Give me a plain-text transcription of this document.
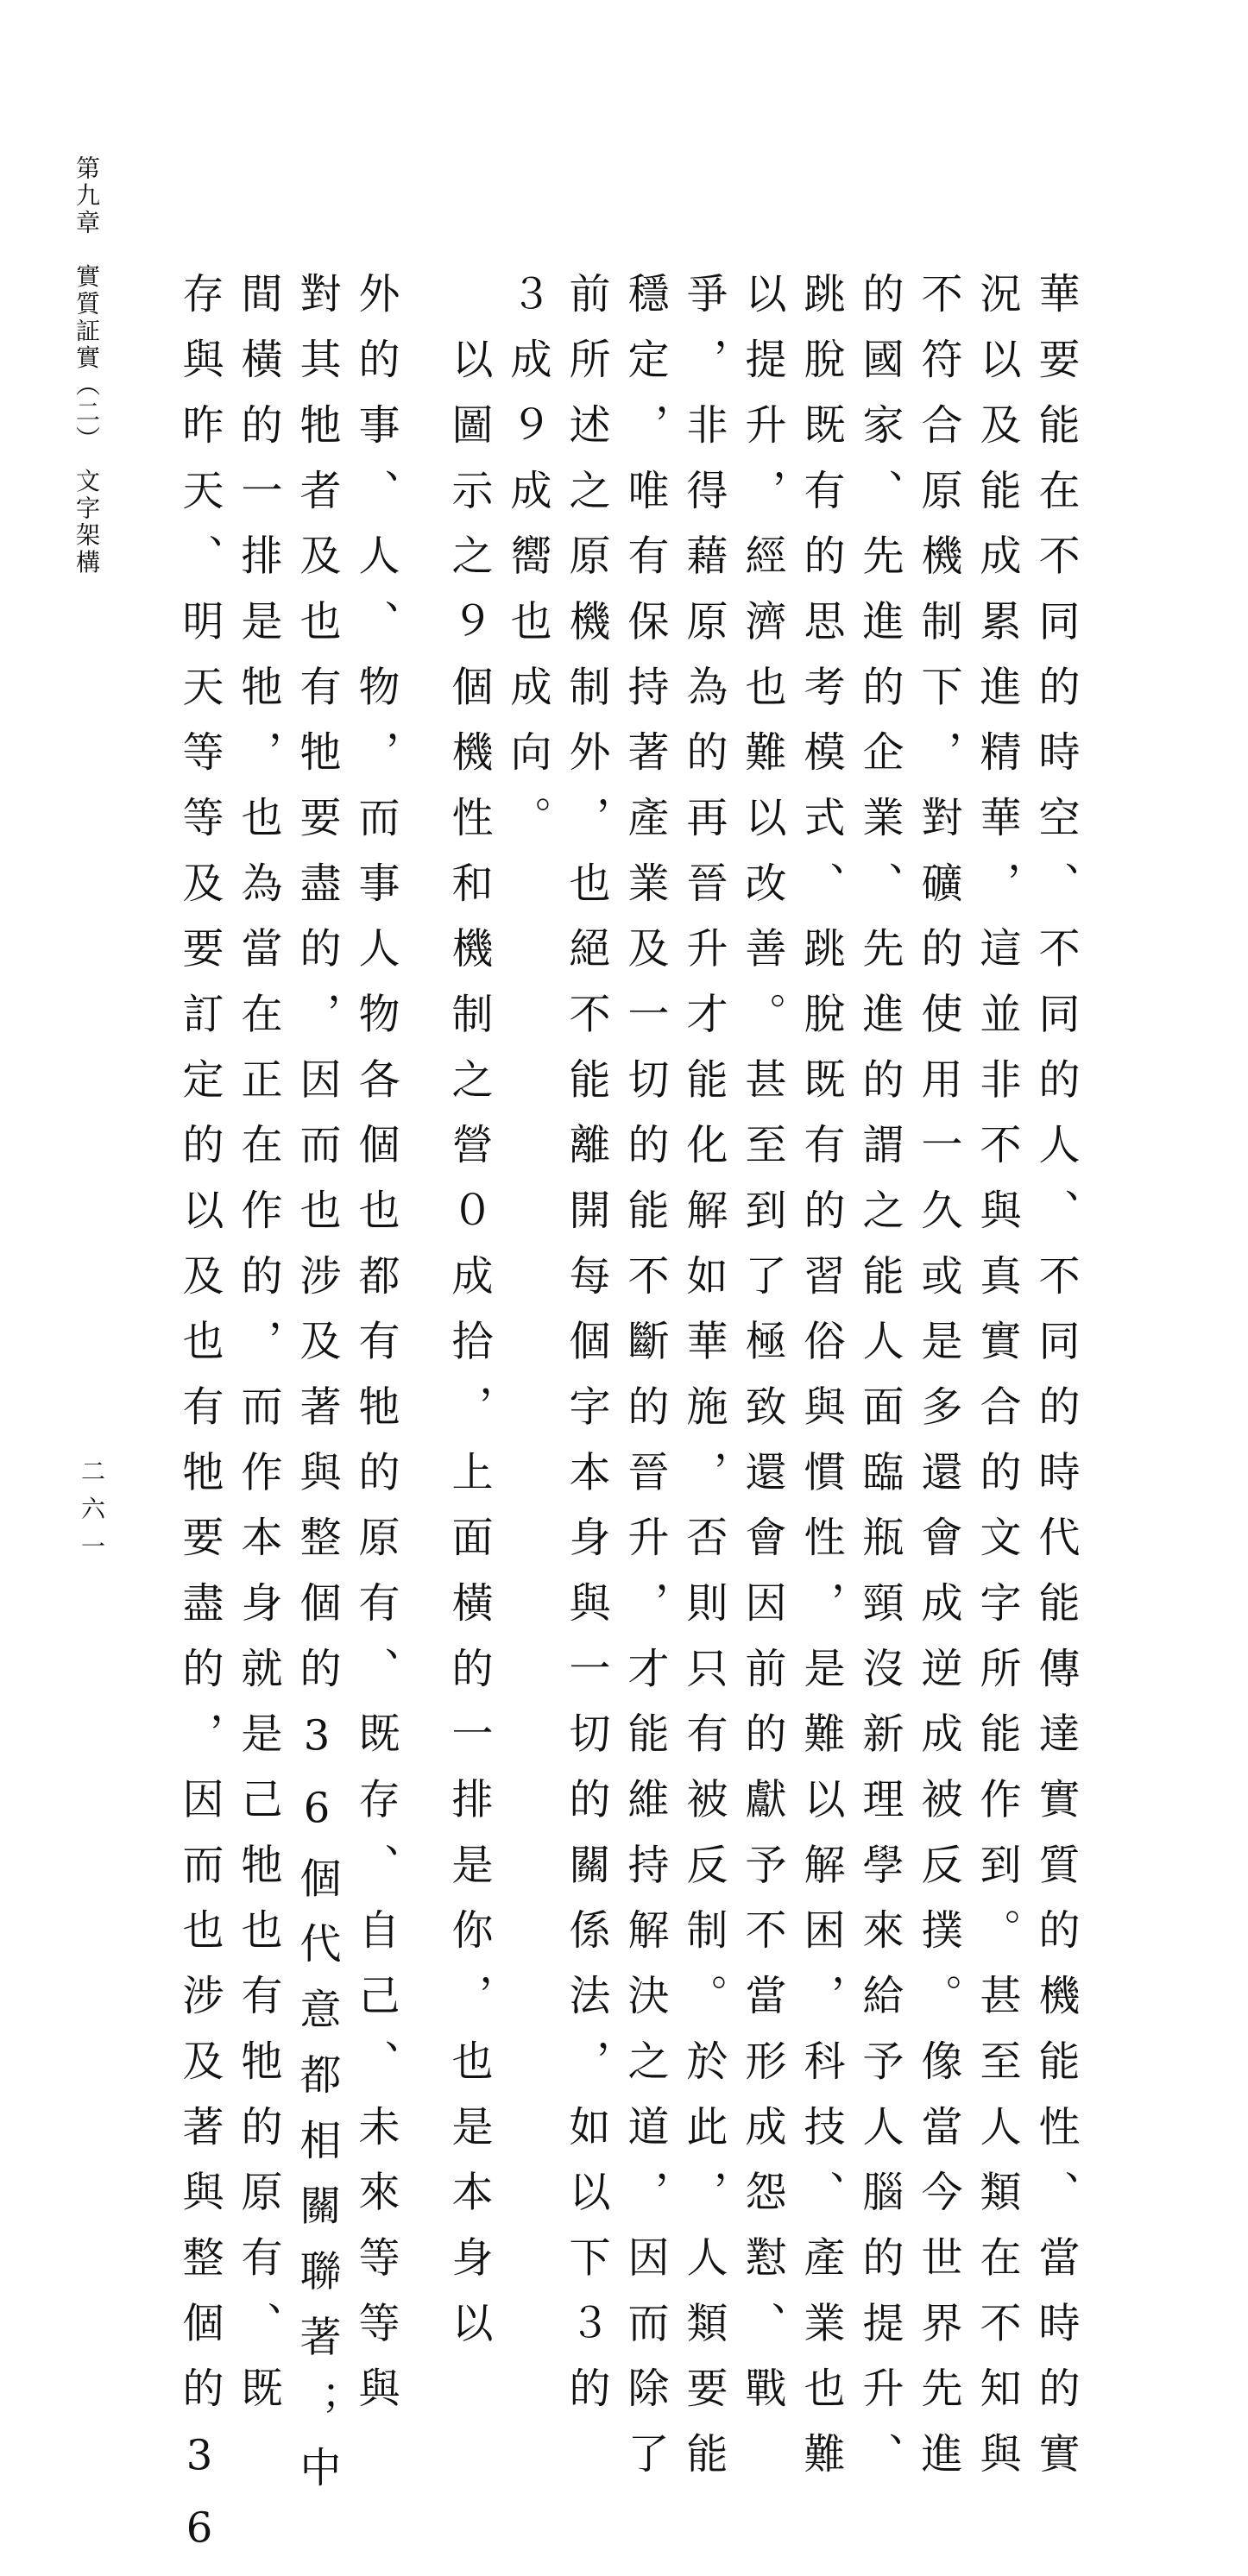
第九章　實質証實（二）　文字架構
二六一	華要能在不同的時空、不同的人、不同的時代能傳達實質的機能性、當時的實
況以及能成累進精華，這並非不與真實合的文字所能作到。甚至人類在不知與
不符合原機制下，對礦的使用一久或是多還會成逆成被反撲。像當今世界先進
的國家、先進的企業、先進的謂之能人面臨瓶頸沒新理學來給予人腦的提升、
跳脫既有的思考模式、跳脫既有的習俗與慣性，是難以解困，科技、產業也難
以提升，經濟也難以改善。甚至到了極致還會因前的獻予不當形成怨懟、戰
爭，非得藉原為的再晉升才能化解如華施，否則只有被反制。於此，人類要能
穩定，唯有保持著產業及一切的能不斷的晉升，才能維持解決之道，因而除了
前所述之原機制外，也絕不能離開每個字本身與一切的關係法，如以下３的
３成９成嚮也成向。
　以圖示之９個機性和機制之營０成拾，上面橫的一排是你，也是本身以
外的事、人、物，而事人物各個也都有牠的原有、既存、自己、未來等等與
對其牠者及也有牠要盡的，因而也涉及著與整個的36個代意都相關聯著；中
間橫的一排是牠，也為當在正在作的，而作本身就是己牠也有牠的原有、既
存與昨天、明天等等及要訂定的以及也有牠要盡的，因而也涉及著與整個的36
